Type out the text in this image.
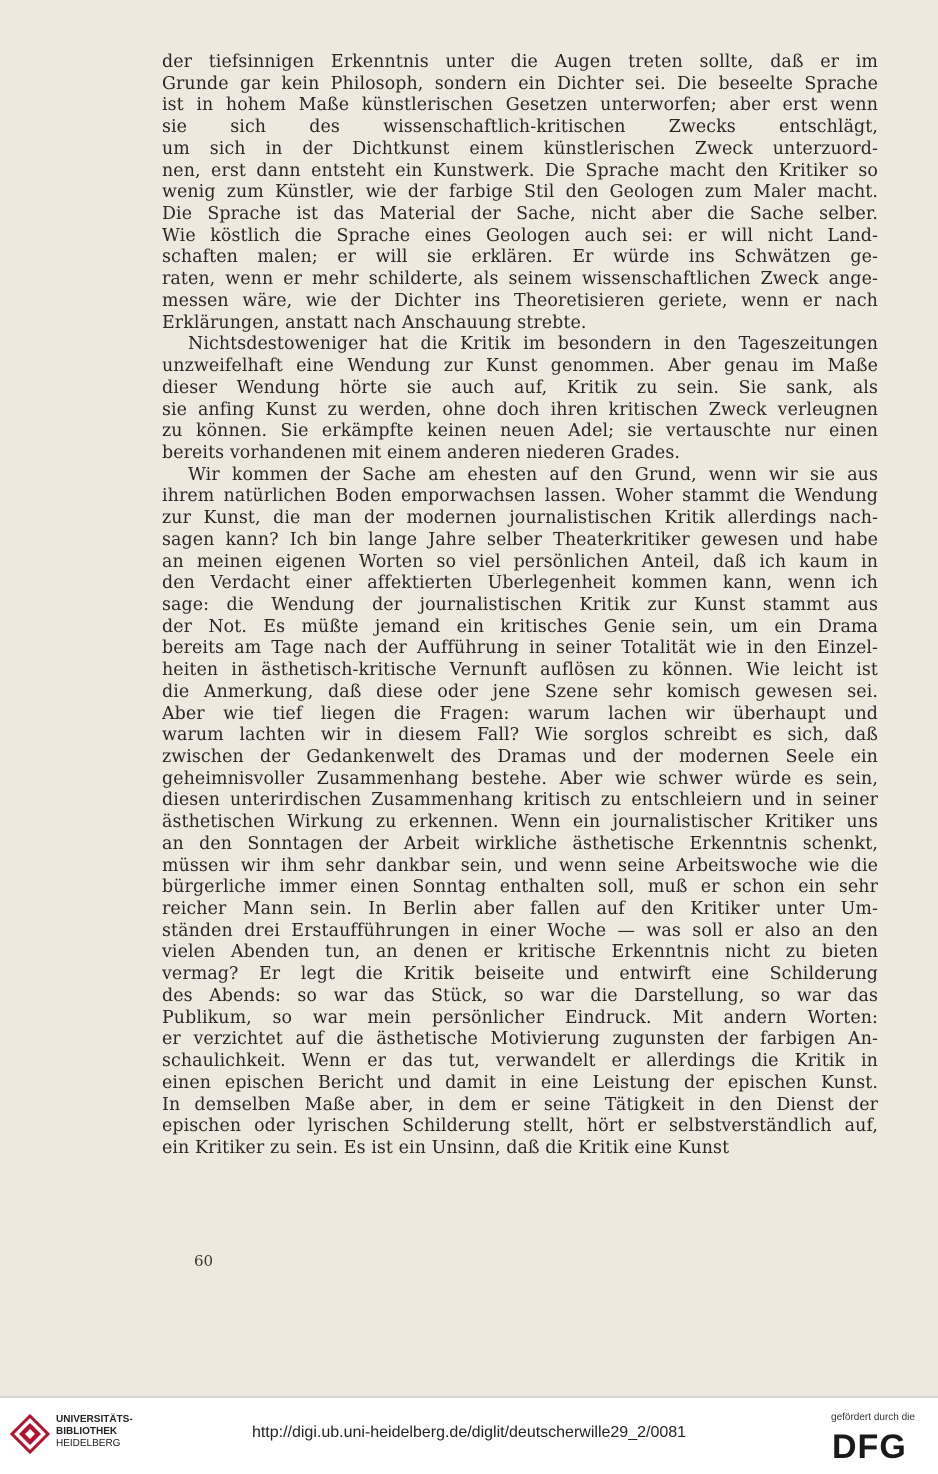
der tiefsinnigen Erkenntnis unter die Augen treten sollte, daß er im
Grunde gar kein Philosoph, sondern ein Dichter sei. Die beseelte Sprache
ist in hohem Maße künstlerischen Gesetzen unterworfen; aber erst wenn
sie sich des wissenschaftlich-kritischen Zwecks entschlägt,
um sich in der Dichtkunst einem künstlerischen Zweck unterzuord-
nen, erst dann entsteht ein Kunstwerk. Die Sprache macht den Kritiker so
wenig zum Künstler, wie der farbige Stil den Geologen zum Maler macht.
Die Sprache ist das Material der Sache, nicht aber die Sache selber.
Wie köstlich die Sprache eines Geologen auch sei: er will nicht Land-
schaften malen; er will sie erklären. Er würde ins Schwätzen ge-
raten, wenn er mehr schilderte, als seinem wissenschaftlichen Zweck ange-
messen wäre, wie der Dichter ins Theoretisieren geriete, wenn er nach
Erklärungen, anstatt nach Anschauung strebte.
Nichtsdestoweniger hat die Kritik im besondern in den Tageszeitungen
unzweifelhaft eine Wendung zur Kunst genommen. Aber genau im Maße
dieser Wendung hörte sie auch auf, Kritik zu sein. Sie sank, als
sie anfing Kunst zu werden, ohne doch ihren kritischen Zweck verleugnen
zu können. Sie erkämpfte keinen neuen Adel; sie vertauschte nur einen
bereits vorhandenen mit einem anderen niederen Grades.
Wir kommen der Sache am ehesten auf den Grund, wenn wir sie aus
ihrem natürlichen Boden emporwachsen lassen. Woher stammt die Wendung
zur Kunst, die man der modernen journalistischen Kritik allerdings nach-
sagen kann? Ich bin lange Jahre selber Theaterkritiker gewesen und habe
an meinen eigenen Worten so viel persönlichen Anteil, daß ich kaum in
den Verdacht einer affektierten Überlegenheit kommen kann, wenn ich
sage: die Wendung der journalistischen Kritik zur Kunst stammt aus
der Not. Es müßte jemand ein kritisches Genie sein, um ein Drama
bereits am Tage nach der Aufführung in seiner Totalität wie in den Einzel-
heiten in ästhetisch-kritische Vernunft auflösen zu können. Wie leicht ist
die Anmerkung, daß diese oder jene Szene sehr komisch gewesen sei.
Aber wie tief liegen die Fragen: warum lachen wir überhaupt und
warum lachten wir in diesem Fall? Wie sorglos schreibt es sich, daß
zwischen der Gedankenwelt des Dramas und der modernen Seele ein
geheimnisvoller Zusammenhang bestehe. Aber wie schwer würde es sein,
diesen unterirdischen Zusammenhang kritisch zu entschleiern und in seiner
ästhetischen Wirkung zu erkennen. Wenn ein journalistischer Kritiker uns
an den Sonntagen der Arbeit wirkliche ästhetische Erkenntnis schenkt,
müssen wir ihm sehr dankbar sein, und wenn seine Arbeitswoche wie die
bürgerliche immer einen Sonntag enthalten soll, muß er schon ein sehr
reicher Mann sein. In Berlin aber fallen auf den Kritiker unter Um-
ständen drei Erstaufführungen in einer Woche — was soll er also an den
vielen Abenden tun, an denen er kritische Erkenntnis nicht zu bieten
vermag? Er legt die Kritik beiseite und entwirft eine Schilderung
des Abends: so war das Stück, so war die Darstellung, so war das
Publikum, so war mein persönlicher Eindruck. Mit andern Worten:
er verzichtet auf die ästhetische Motivierung zugunsten der farbigen An-
schaulichkeit. Wenn er das tut, verwandelt er allerdings die Kritik in
einen epischen Bericht und damit in eine Leistung der epischen Kunst.
In demselben Maße aber, in dem er seine Tätigkeit in den Dienst der
epischen oder lyrischen Schilderung stellt, hört er selbstverständlich auf,
ein Kritiker zu sein. Es ist ein Unsinn, daß die Kritik eine Kunst
60
UNIVERSITÄTS-
BIBLIOTHEK
HEIDELBERG
http://digi.ub.uni-heidelberg.de/diglit/deutscherwille29_2/0081
gefördert durch die
DFG
